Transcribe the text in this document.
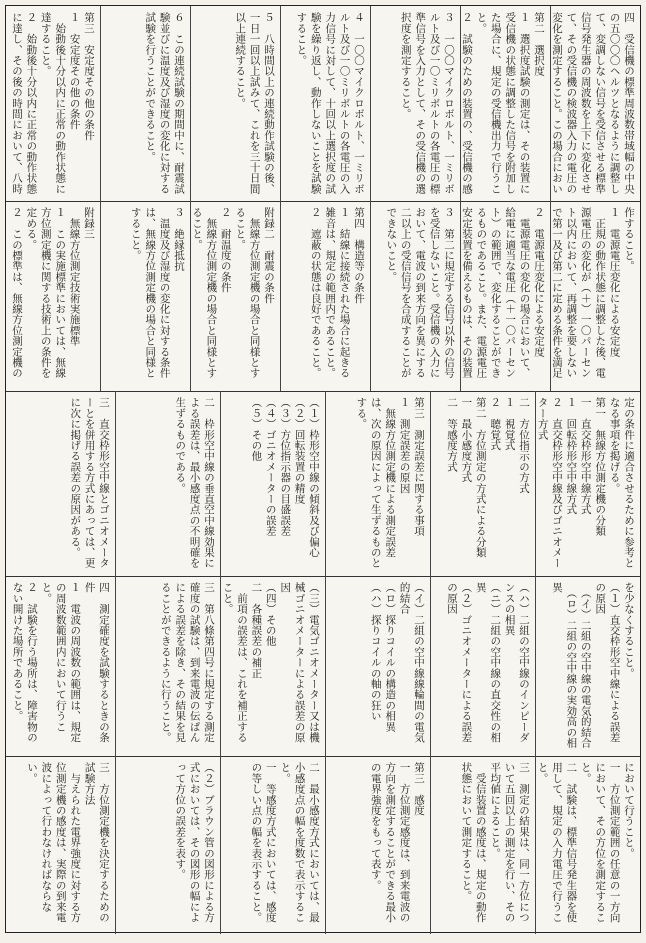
四　受信機の標準周波数帯域幅の中央の五〇〇〇ヘルツとなるように調整して、変調しない信号を受信させる標準信号発生器の周波数を上下に変化させて、その受信機の検波器入力の電圧の変化を測定すること。この場合におい
第二　選択度
１　選択度試験の測定は、その装置に受信機の状態に調整した信号を附加した場合に、規定の受信機出力で行うこと。
２　試験のための装置の、受信機の感
３　一〇〇マイクロボルト、一ミリボルト及び一〇ミリボルトの各電圧の標準信号を入力として、その受信機の選択度を測定すること。
４　一〇〇マイクロボルト、一ミリボルト及び一〇ミリボルトの各電圧の入力信号に対して、十回以上選択度の試験を繰り返し、動作しないことを試験すること。
５　八時間以上の連続動作試験の後、一日一回以上試みて、これを三十日間以上連続すること。
６　この連続試験の期間中に、耐震試験並びに温度及び湿度の変化に対する試験を行うことができること。
第三　安定度その他の条件
１　安定度その他の条件
　始動後十分以内に正常の動作状態に達すること。
２　始動後十分以内に正常の動作状態に達し、その後の時間において、八時
作すること。
１　電源電圧変化による安定度
　正規の動作状態に調整した後、電源電圧の変化が（＋）一〇パーセント以内において、再調整を要しないで第一及び第二に定める条件を満足
２　電源電圧変化による安定度
　電源電圧の変化の場合において、給電に適当な電圧（＋一〇パーセント）の範囲で、変化することができるものであること。また、電源電圧安定装置を備えるものは、その装置
３　第二に規定する信号以外の信号を受信しないこと。受信機の入力において、電波の到来方向を異にする二以上の受信信号を合成することができないこと。
第四　構造等の条件
１　結線に接続された場合に起きる雑音は、規定の範囲内であること。
２　遮蔽の状態は良好であること。
附録二　耐震の条件
　無線方位測定機の場合と同様とすること。
２　耐温度の条件
　無線方位測定機の場合と同様とすること。
３　絶縁抵抗
　温度及び湿度の変化に対する条件は、無線方位測定機の場合と同様とすること。
附録三
　無線方位測定技術実施標準
１　この実施標準においては、無線方位測定機に関する技術上の条件を定める。
２　この標準は、無線方位測定機の
定の条件に適合させるために参考となる事項を掲げる。
第一　無線方位測定機の分類
一　直交枠形空中線方式
１　回転枠形空中線方式
２　直交枠形空中線及びゴニオメーター方式
二　方位指示の方式
１　視覚式
２　聴覚式
第二　方位測定の方式による分類
一　最小感度方式
二　等感度方式
第三　測定誤差に関する事項
１　測定誤差の原因
　無線方位測定機による測定誤差は、次の原因によって生ずるものとする。
（１）枠形空中線の傾斜及び偏心
（２）回転装置の精度
（３）方位指示器の目盛誤差
（４）ゴニオメーターの誤差
（５）その他
二　枠形空中線の垂直空中線効果による誤差は、最小感度点の不明確を生ずるものである。
三　直交枠形空中線とゴニオメーターとを併用する方式にあっては、更に次に掲げる誤差の原因がある。
を少なくすること。
（１）直交枠形空中線による誤差の原因
　（イ）二組の空中線の電気的結合
　（ロ）二組の空中線の実効高の相異
（ハ）二組の空中線のインピーダンスの相異
（ニ）二組の空中線の直交性の相異
（２）ゴニオメーターによる誤差の原因
（イ）二組の空中線線輪間の電気的結合
（ロ）探りコイルの構造の相異
（ハ）探りコイルの軸の狂い
（三）電気ゴニオメーター又は機械ゴニオメーターによる誤差の原因
（四）その他
二　各種誤差の補正
　前項の誤差は、これを補正すること。
三　第八條第四号に規定する測定確度の試験は、到来電波の伝ぱんによる誤差を除き、その結果を見ることができるように行うこと。
四　測定確度を試験するときの条件
１　電波の周波数の範囲は、規定の周波数範囲内において行うこと。
２　試験を行う場所は、障害物のない開けた場所であること。
において行うこと。
一　方位測定範囲の任意の一方向において、その方位を測定すること。
二　試験は、標準信号発生器を使用して、規定の入力電圧で行うこと。
三　測定の結果は、同一方位について五回以上の測定を行い、その平均値によること。
　受信装置の感度は、規定の動作状態において測定すること。
第三　感度
一　方位測定感度は、到来電波の方向を測定することができる最小の電界強度をもって表す。
二　最小感度方式においては、最小感度点の幅を度数で表示すること。
一　等感度方式においては、感度の等しい点の幅を表示すること。
（２）ブラウン管の図形による方式においては、その図形の幅によって方位の誤差を表す。
三　方位測定機を決定するための試験方法
　与えられた電界強度に対する方位測定機の感度は、実際の到来電波によって行わなければならない。
